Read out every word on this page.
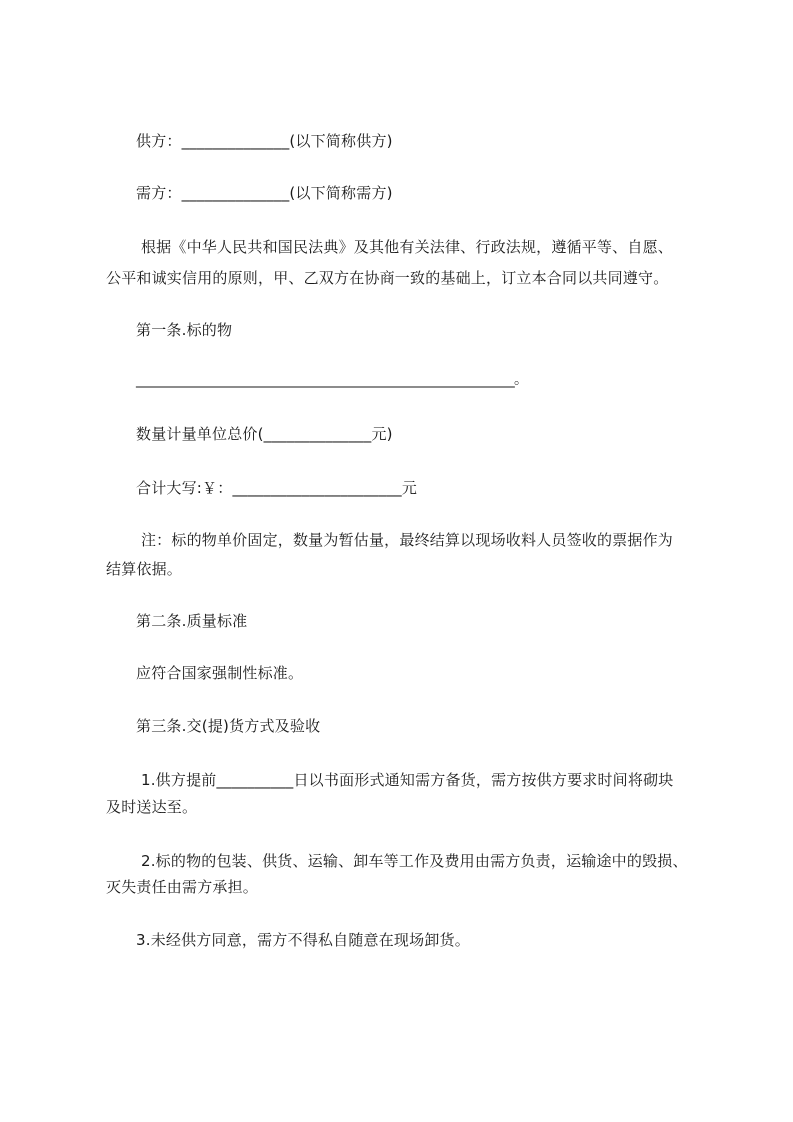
供方：______________(以下简称供方)
需方：______________(以下简称需方)
根据《中华人民共和国民法典》及其他有关法律、行政法规，遵循平等、自愿、
公平和诚实信用的原则，甲、乙双方在协商一致的基础上，订立本合同以共同遵守。
第一条.标的物
____________________________________________________________。
数量计量单位总价(______________元)
合计大写:￥：______________________元
注：标的物单价固定，数量为暂估量，最终结算以现场收料人员签收的票据作为
结算依据。
第二条.质量标准
应符合国家强制性标准。
第三条.交(提)货方式及验收
1.供方提前__________日以书面形式通知需方备货，需方按供方要求时间将砌块
及时送达至。
2.标的物的包装、供货、运输、卸车等工作及费用由需方负责，运输途中的毁损、
灭失责任由需方承担。
3.未经供方同意，需方不得私自随意在现场卸货。
